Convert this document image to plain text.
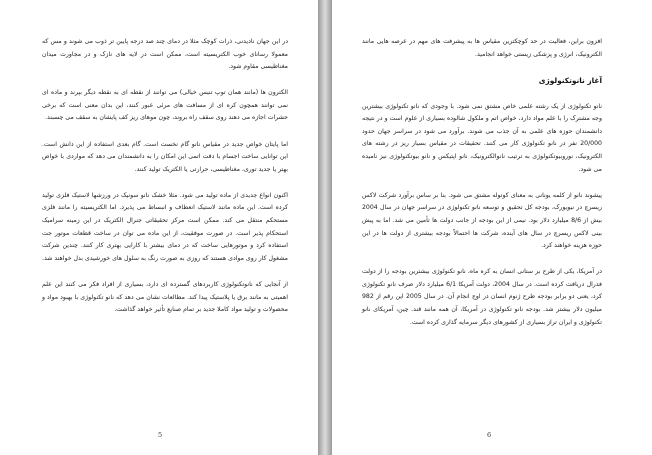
در این جهان نادیدنی، ذرات کوچک مثلا در دمای چند صد درجه پایین تر ذوب می شوند و مس که معمولا رسانای خوب الکتریسیته است، ممکن است در لایه های نازک و در مجاورت میدان مغناطیسی مقاوم شود.

الکترون ها (مانند همان توپ تنیس خیالی) می توانند از نقطه ای به نقطه دیگر بپرند و ماده ای نمی توانند همچون کره ای از مسافت های مرئی عبور کنند، این بدان معنی است که برخی حشرات اجازه می دهند روی سقف راه بروند، چون موهای ریز کف پایشان به سقف می چسبند.

اما پایتان خواص جدید در مقیاس نانو گام نخست است. گام بعدی استفاده از این دانش است. این توانایی ساخت اجسام با دقت اتمی این امکان را به دانشمندان می دهد که مواردی با خواص بهتر یا جدید توری، مغناطیسی، حرارتی یا الکتریک تولید کنند.

اکنون انواع جدیدی از ماده تولید می شود. مثلا خشک نانو سونیک در ورزشها لاستیک فلزی تولید کرده است. این ماده مانند لاستیک انعطاف و انبساط می پذیرد. اما الکتریسیته را مانند فلزی مستحکم منتقل می کند. ممکن است مرکز تحقیقاتی جنرال الکتریک در این زمینه سرامیک استحکام پذیر است. در صورت موفقیت، از این ماده می توان در ساخت قطعات موتور جت استفاده کرد و موتورهایی ساخت که در دمای بیشتر با کارایی بهتری کار کنند. چندین شرکت مشغول کار روی موادی هستند که روزی به صورت رنگ به سلول های خورشیدی بدل خواهند شد.

از آنجایی که نانوتکنولوژی کاربردهای گسترده ای دارد، بسیاری از افراد فکر می کنند این علم اهمیتی به مانند برق یا پلاستیک پیدا کند. مطالعات نشان می دهد که نانو تکنولوژی با بهبود مواد و محصولات و تولید مواد کاملا جدید بر تمام صنایع تأثیر خواهد گذاشت.

5

افزون براین، فعالیت در حد کوچکترین مقیاس ها به پیشرفت های مهم در عرصه هایی مانند الکترونیک، انرژی و پزشکی زیستی خواهد انجامید.

آغاز نانوتکنولوژی

نانو تکنولوژی از یک رشته علمی خاص مشتق نمی شود. با وجودی که نانو تکنولوژی بیشترین وجه مشترک را با علم مواد دارد، خواص اتم و ملکول شالوده بسیاری از علوم است و در نتیجه دانشمندان حوزه های علمی به آن جذب می شوند. برآورد می شود در سراسر جهان حدود 20/000 نفر در نانو تکنولوژی کار می کنند. تحقیقات در مقیاس بسیار ریز در رشته های الکترونیک، نوروبیوتکنولوژی به ترتیب نانوالکترونیک، نانو اپتیکس و نانو بیوتکنولوژی نیز نامیده می شود.

پیشوند نانو از کلمه یونانی به معنای کوتوله مشتق می شود. بنا بر ساس برآورد شرکت لاکس ریسرچ در نیویورک، بودجه کل تحقیق و توسعه نانو تکنولوژی در سراسر جهان در سال 2004 بیش از 8/6 میلیارد دلار بود. نیمی از این بودجه از جانب دولت ها تأمین می شد. اما به پیش بینی لاکس ریسرچ در سال های آینده، شرکت ها احتمالاً بودجه بیشتری از دولت ها در این حوزه هزینه خواهند کرد.

در آمریکا، یکی از طرح بر ستانی انسان به کره ماه، نانو تکنولوژی بیشترین بودجه را از دولت فدرال دریافت کرده است. در سال 2004، دولت آمریکا 6/1 میلیارد دلار صرف نانو تکنولوژی کرد، یعنی دو برابر بودجه طرح ژنوم انسان در اوج انجام آن. در سال 2005 این رقم از 982 میلیون دلار بیشتر شد. بودجه نانو تکنولوژی در آمریکا، آن همه مانند قند. چین، آمریکای نانو تکنولوژی و ایران تراز بسیاری از کشورهای دیگر سرمایه گذاری کرده است.

6
